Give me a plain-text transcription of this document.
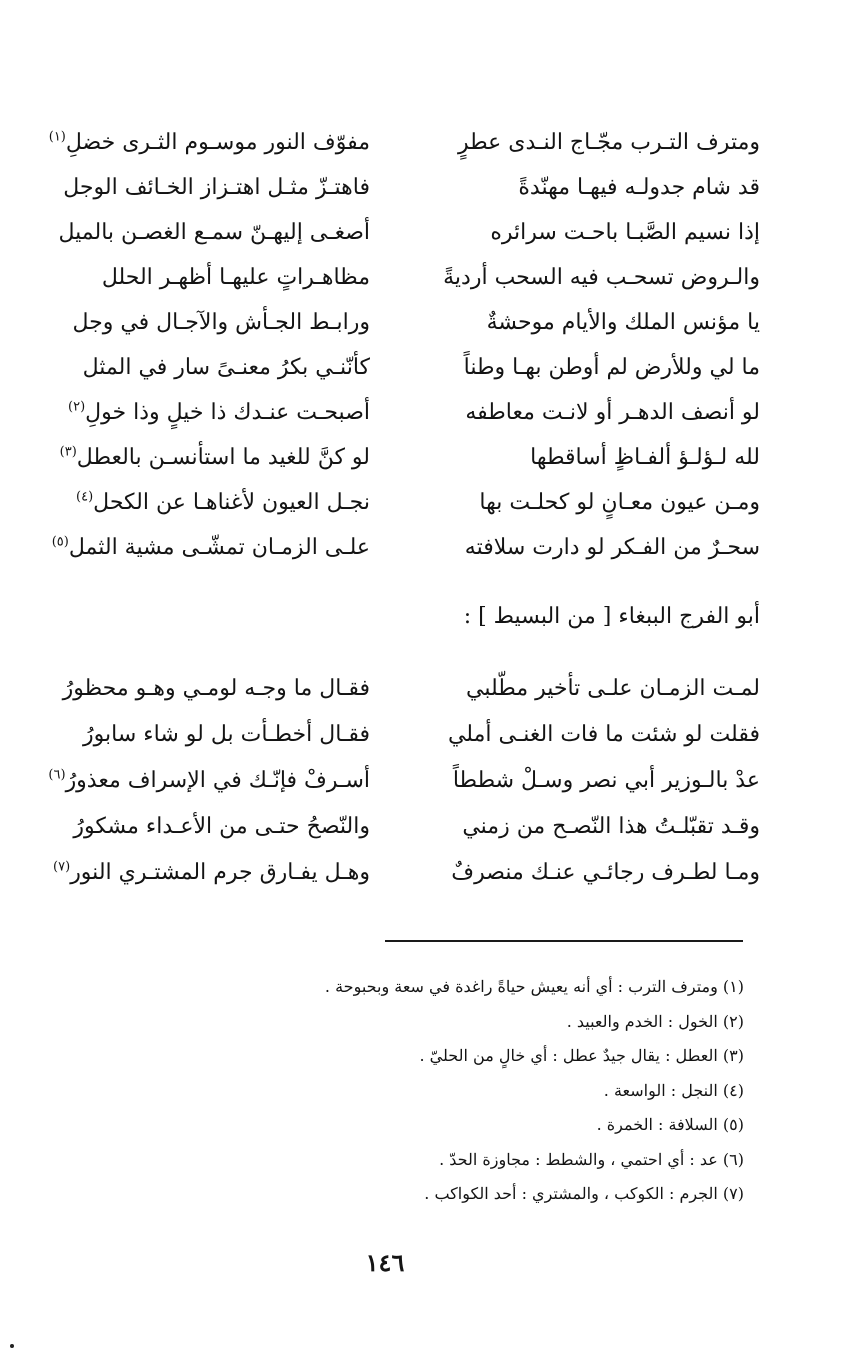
ومترف التـرب مجّـاج النـدى عطرٍ
مفوّف النور موسـوم الثـرى خضلِ$^{(١)}$
قد شام جدولـه فيهـا مهنّدةً
فاهتـزّ مثـل اهتـزاز الخـائف الوجل
إذا نسيم الصَّبـا باحـت سرائره
أصغـى إليهـنّ سمـع الغصـن بالميل
والـروض تسحـب فيه السحب أرديةً
مظاهـراتٍ عليهـا أظهـر الحلل
يا مؤنس الملك والأيام موحشةٌ
ورابـط الجـأش والآجـال في وجل
ما لي وللأرض لم أوطن بهـا وطناً
كأنّنـي بكرُ معنـىً سار في المثل
لو أنصف الدهـر أو لانـت معاطفه
أصبحـت عنـدك ذا خيلٍ وذا خولِ$^{(٢)}$
لله لـؤلـؤ ألفـاظٍ أساقطها
لو كنَّ للغيد ما استأنسـن بالعطل$^{(٣)}$
ومـن عيون معـانٍ لو كحلـت بها
نجـل العيون لأغناهـا عن الكحل$^{(٤)}$
سحـرٌ من الفـكر لو دارت سلافته
علـى الزمـان تمشّـى مشية الثمل$^{(٥)}$
أبو الفرج الببغاء [ من البسيط ] :
لمـت الزمـان علـى تأخير مطّلبي
فقـال ما وجـه لومـي وهـو محظورُ
فقلت لو شئت ما فات الغنـى أملي
فقـال أخطـأت بل لو شاء سابورُ
عدْ بالـوزير أبي نصر وسـلْ شططاً
أسـرفْ فإنّـك في الإسراف معذورُ$^{(٦)}$
وقـد تقبّلـتُ هذا النّصـح من زمني
والنّصحُ حتـى من الأعـداء مشكورُ
ومـا لطـرف رجائـي عنـك منصرفٌ
وهـل يفـارق جرم المشتـري النور$^{(٧)}$
(١) ومترف الترب : أي أنه يعيش حياةً راغدة في سعة وبحبوحة .
(٢) الخول : الخدم والعبيد .
(٣) العطل : يقال جيدٌ عطل : أي خالٍ من الحليّ .
(٤) النجل : الواسعة .
(٥) السلافة : الخمرة .
(٦) عد : أي احتمي ، والشطط : مجاوزة الحدّ .
(٧) الجرم : الكوكب ، والمشتري : أحد الكواكب .
١٤٦
